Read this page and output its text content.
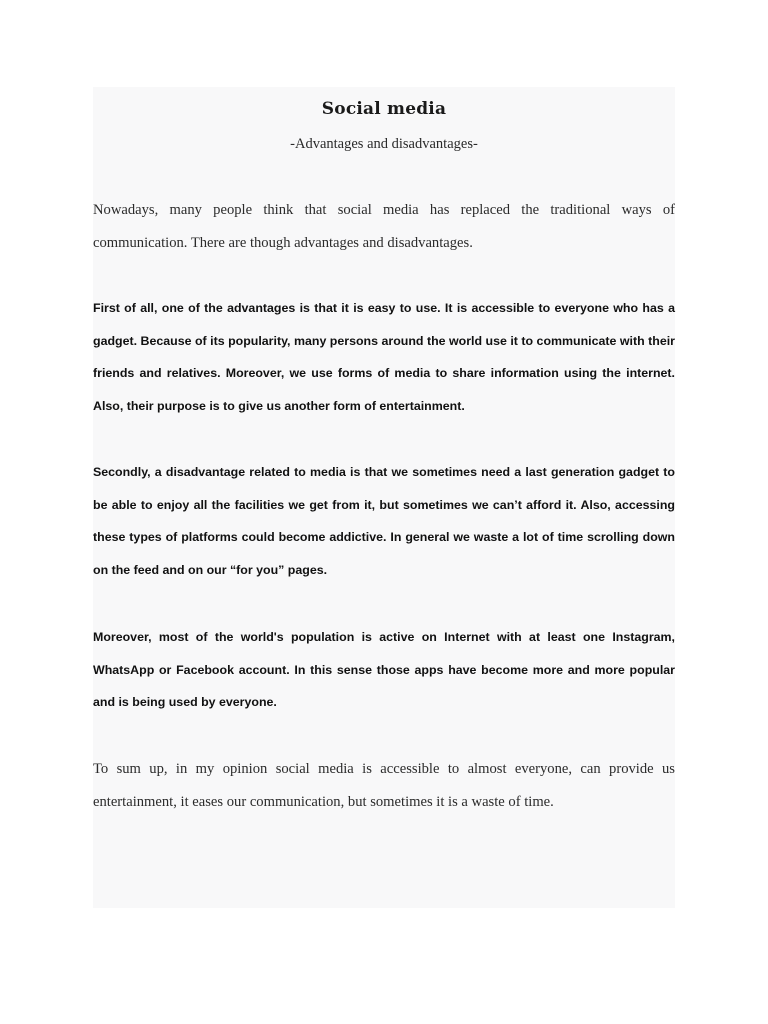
Social media
-Advantages and disadvantages-

Nowadays, many people think that social media has replaced the traditional ways of communication. There are though advantages and disadvantages.

First of all, one of the advantages is that it is easy to use. It is accessible to everyone who has a gadget. Because of its popularity, many persons around the world use it to communicate with their friends and relatives. Moreover, we use forms of media to share information using the internet. Also, their purpose is to give us another form of entertainment.

Secondly, a disadvantage related to media is that we sometimes need a last generation gadget to be able to enjoy all the facilities we get from it, but sometimes we can’t afford it. Also, accessing these types of platforms could become addictive. In general we waste a lot of time scrolling down on the feed and on our “for you” pages.

Moreover, most of the world's population is active on Internet with at least one Instagram, WhatsApp or Facebook account. In this sense those apps have become more and more popular and is being used by everyone.

To sum up, in my opinion social media is accessible to almost everyone, can provide us entertainment, it eases our communication, but sometimes it is a waste of time.
